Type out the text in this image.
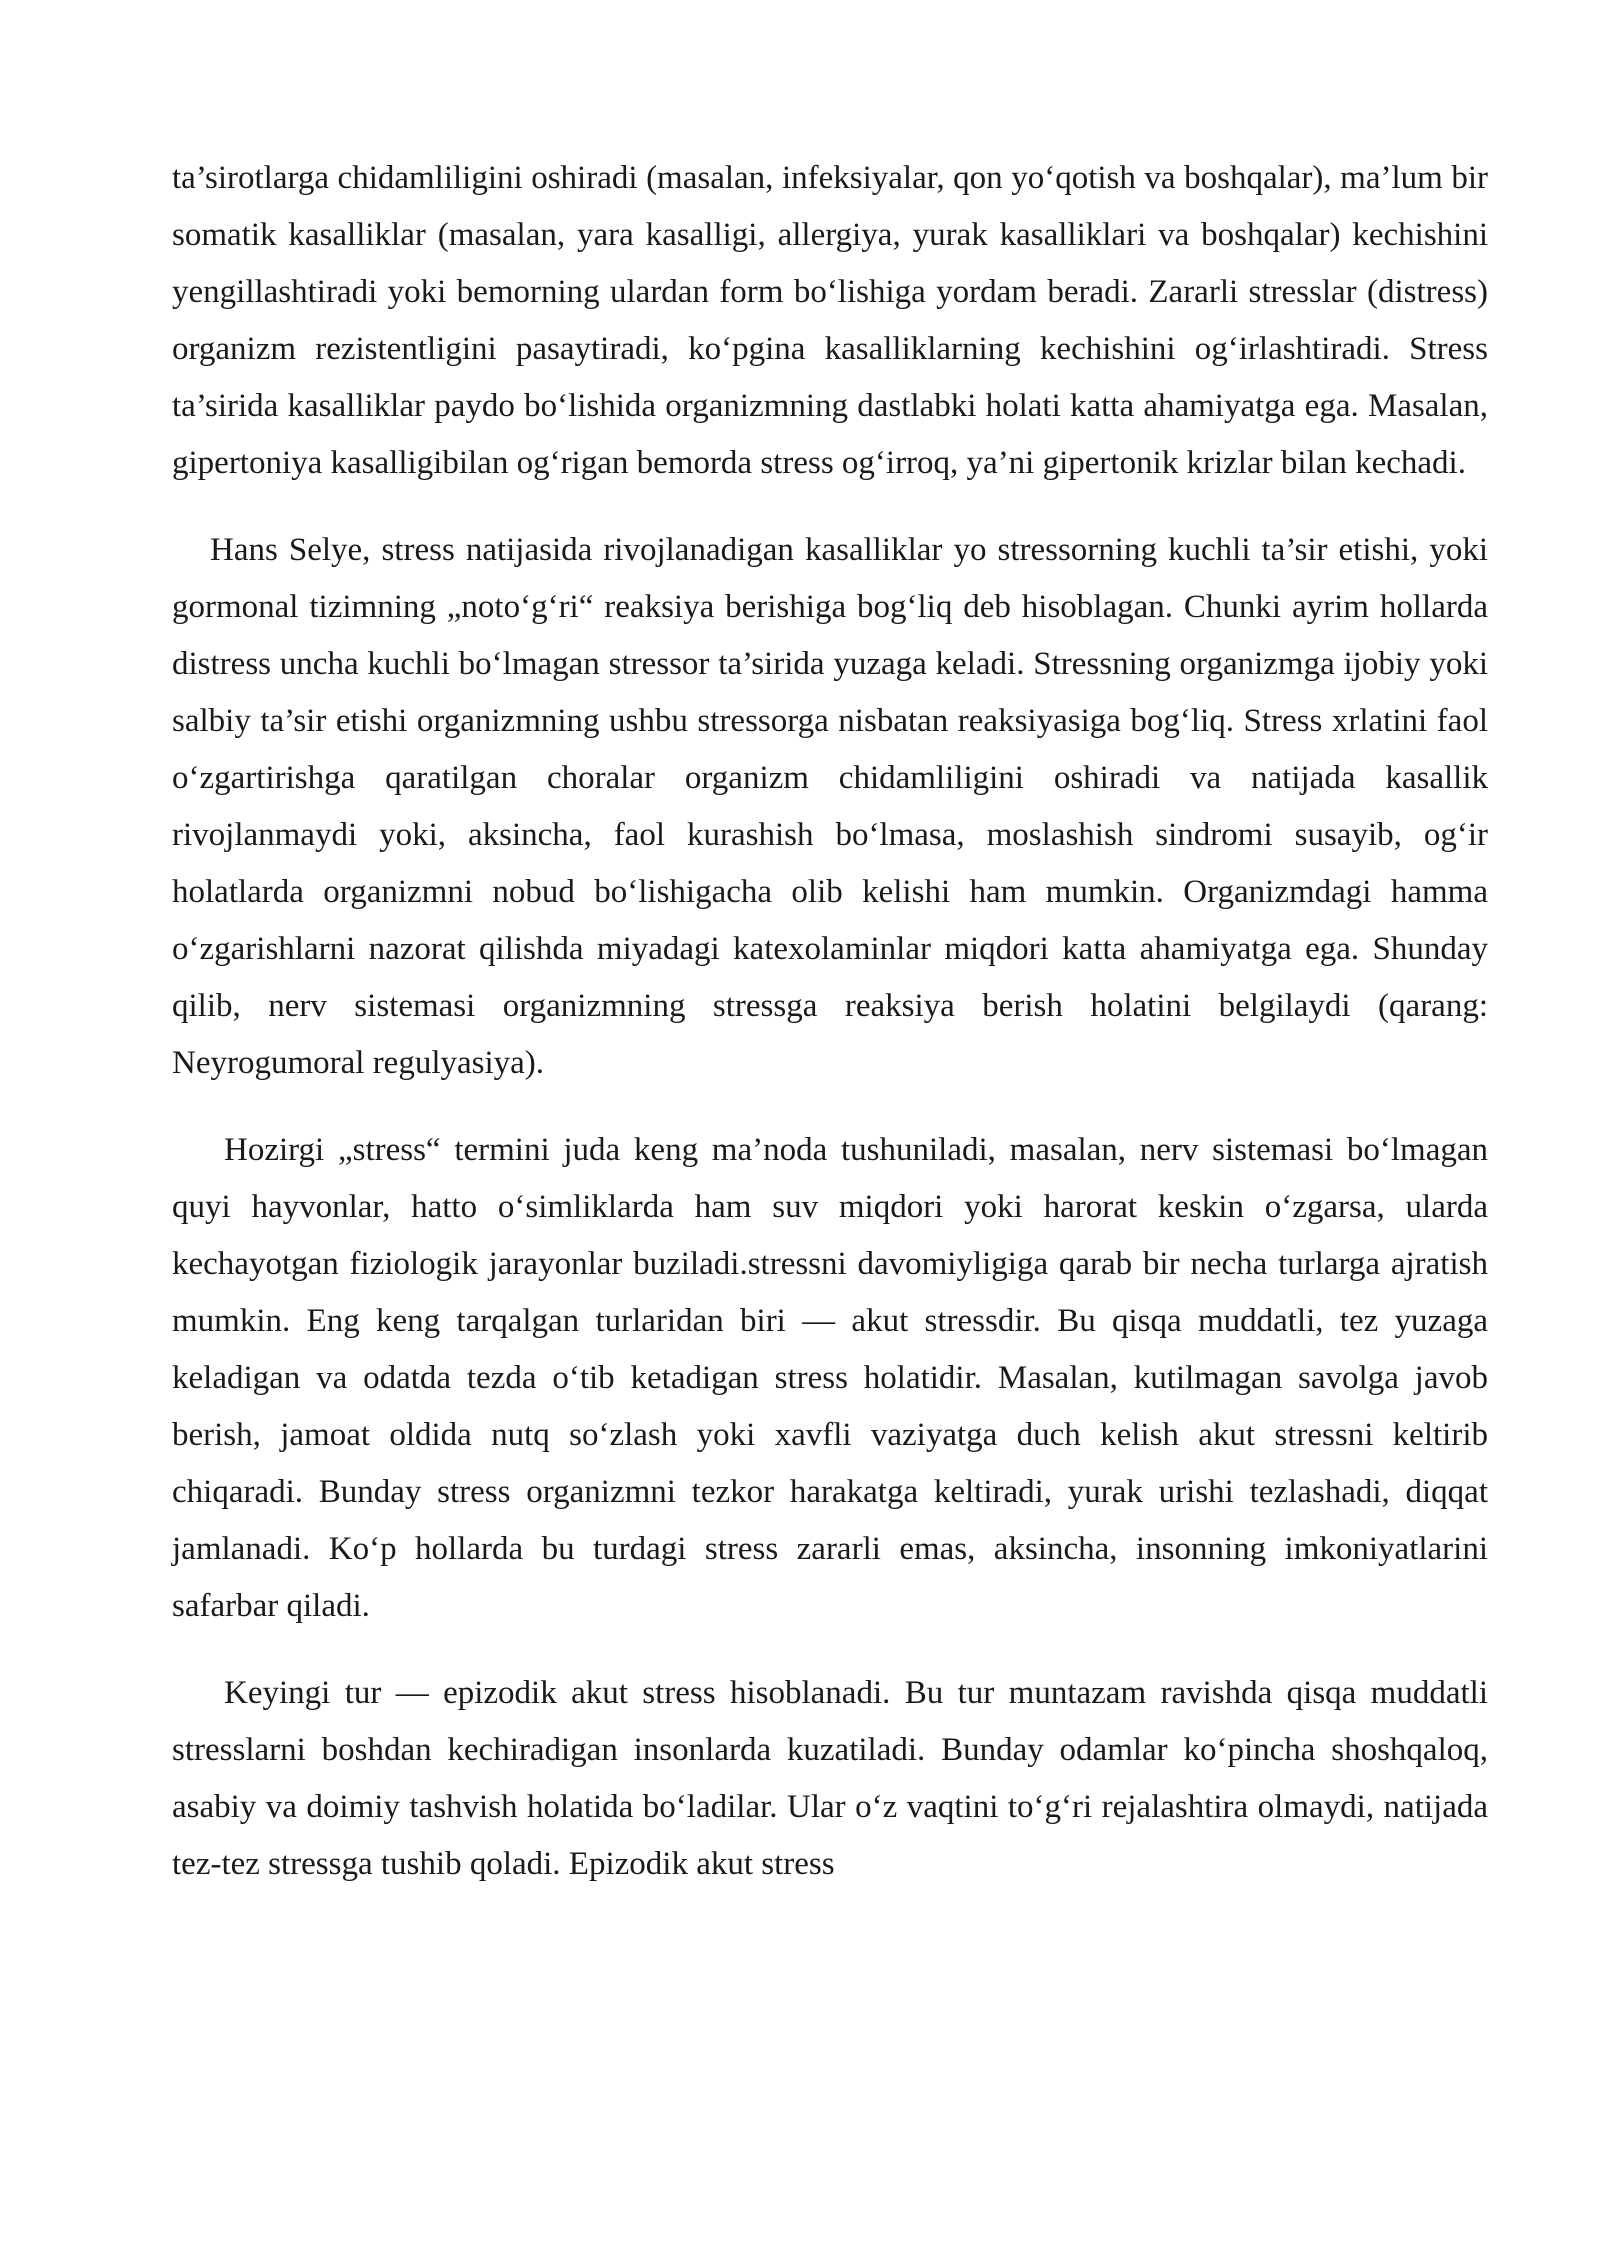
ta’sirotlarga chidamliligini oshiradi (masalan, infeksiyalar, qon yo‘qotish va boshqalar), ma’lum bir somatik kasalliklar (masalan, yara kasalligi, allergiya, yurak kasalliklari va boshqalar) kechishini yengillashtiradi yoki bemorning ulardan form bo‘lishiga yordam beradi. Zararli stresslar (distress) organizm rezistentligini pasaytiradi, ko‘pgina kasalliklarning kechishini og‘irlashtiradi. Stress ta’sirida kasalliklar paydo bo‘lishida organizmning dastlabki holati katta ahamiyatga ega. Masalan, gipertoniya kasalligibilan og‘rigan bemorda stress og‘irroq, ya’ni gipertonik krizlar bilan kechadi.

Hans Selye, stress natijasida rivojlanadigan kasalliklar yo stressorning kuchli ta’sir etishi, yoki gormonal tizimning „noto‘g‘ri“ reaksiya berishiga bog‘liq deb hisoblagan. Chunki ayrim hollarda distress uncha kuchli bo‘lmagan stressor ta’sirida yuzaga keladi. Stressning organizmga ijobiy yoki salbiy ta’sir etishi organizmning ushbu stressorga nisbatan reaksiyasiga bog‘liq. Stress xrlatini faol o‘zgartirishga qaratilgan choralar organizm chidamliligini oshiradi va natijada kasallik rivojlanmaydi yoki, aksincha, faol kurashish bo‘lmasa, moslashish sindromi susayib, og‘ir holatlarda organizmni nobud bo‘lishigacha olib kelishi ham mumkin. Organizmdagi hamma o‘zgarishlarni nazorat qilishda miyadagi katexolaminlar miqdori katta ahamiyatga ega. Shunday qilib, nerv sistemasi organizmning stressga reaksiya berish holatini belgilaydi (qarang: Neyrogumoral regulyasiya).

Hozirgi „stress“ termini juda keng ma’noda tushuniladi, masalan, nerv sistemasi bo‘lmagan quyi hayvonlar, hatto o‘simliklarda ham suv miqdori yoki harorat keskin o‘zgarsa, ularda kechayotgan fiziologik jarayonlar buziladi.stressni davomiyligiga qarab bir necha turlarga ajratish mumkin. Eng keng tarqalgan turlaridan biri — akut stressdir. Bu qisqa muddatli, tez yuzaga keladigan va odatda tezda o‘tib ketadigan stress holatidir. Masalan, kutilmagan savolga javob berish, jamoat oldida nutq so‘zlash yoki xavfli vaziyatga duch kelish akut stressni keltirib chiqaradi. Bunday stress organizmni tezkor harakatga keltiradi, yurak urishi tezlashadi, diqqat jamlanadi. Ko‘p hollarda bu turdagi stress zararli emas, aksincha, insonning imkoniyatlarini safarbar qiladi.

Keyingi tur — epizodik akut stress hisoblanadi. Bu tur muntazam ravishda qisqa muddatli stresslarni boshdan kechiradigan insonlarda kuzatiladi. Bunday odamlar ko‘pincha shoshqaloq, asabiy va doimiy tashvish holatida bo‘ladilar. Ular o‘z vaqtini to‘g‘ri rejalashtira olmaydi, natijada tez-tez stressga tushib qoladi. Epizodik akut stress
